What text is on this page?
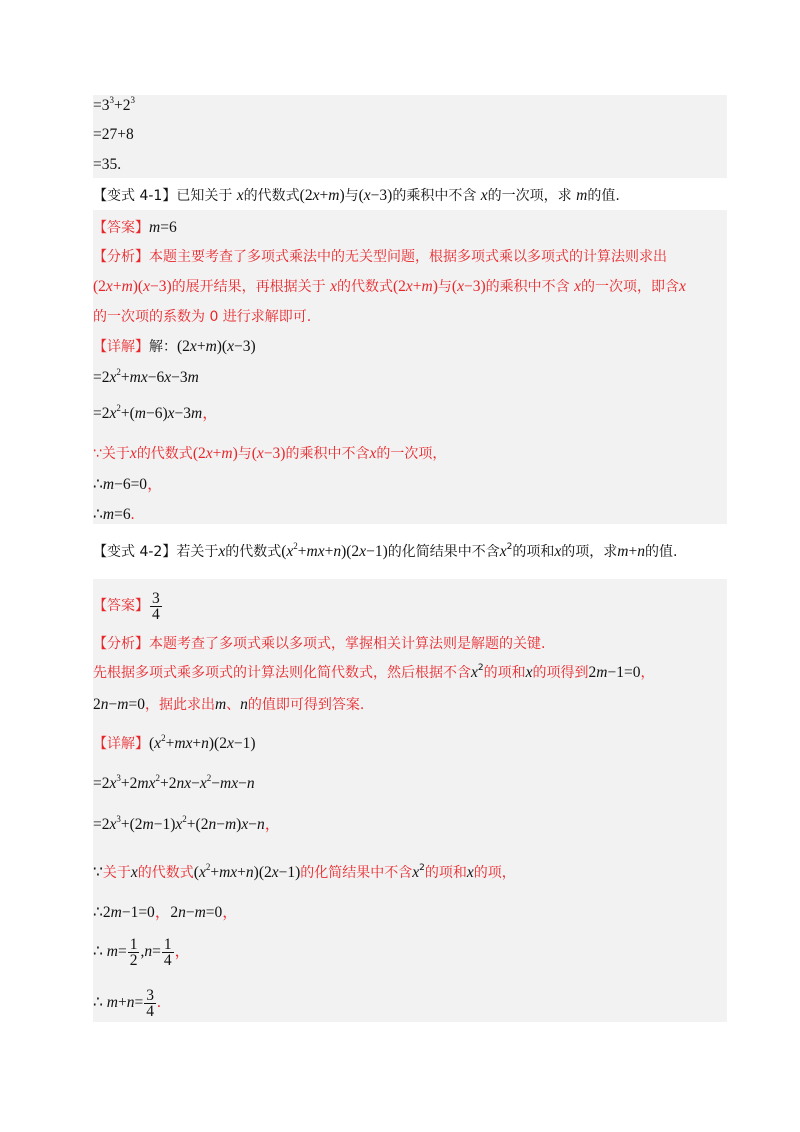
$=3^3+2^3$
=27+8
=35.
【变式 4-1】已知关于 x的代数式(2x+m)与(x−3)的乘积中不含 x的一次项，求 m的值.
【答案】m=6
【分析】本题主要考查了多项式乘法中的无关型问题，根据多项式乘以多项式的计算法则求出
(2x+m)(x−3)的展开结果，再根据关于 x的代数式(2x+m)与(x−3)的乘积中不含 x的一次项，即含x
的一次项的系数为 0 进行求解即可.
【详解】解：(2x+m)(x−3)
$=2x^2+mx-6x-3m$
$=2x^2+(m-6)x-3m$，
∵关于x的代数式(2x+m)与(x−3)的乘积中不含x的一次项，
∴m−6=0，
∴m=6.
【变式 4-2】若关于x的代数式$(x^2+mx+n)(2x-1)$的化简结果中不含$x^2$的项和x的项，求m+n的值.
【答案】 $\frac{3}{4}$
【分析】本题考查了多项式乘以多项式，掌握相关计算法则是解题的关键.
先根据多项式乘多项式的计算法则化简代数式，然后根据不含$x^2$的项和x的项得到2m−1=0，
2n−m=0，据此求出m、n的值即可得到答案.
【详解】$(x^2+mx+n)(2x-1)$
$=2x^3+2mx^2+2nx-x^2-mx-n$
$=2x^3+(2m-1)x^2+(2n-m)x-n$，
∵关于x的代数式$(x^2+mx+n)(2x-1)$的化简结果中不含$x^2$的项和x的项，
∴2m−1=0，2n−m=0，
∴ $m= \frac{1}{2} ,n= \frac{1}{4}$ ，
∴ $m+n= \frac{3}{4}$ .
